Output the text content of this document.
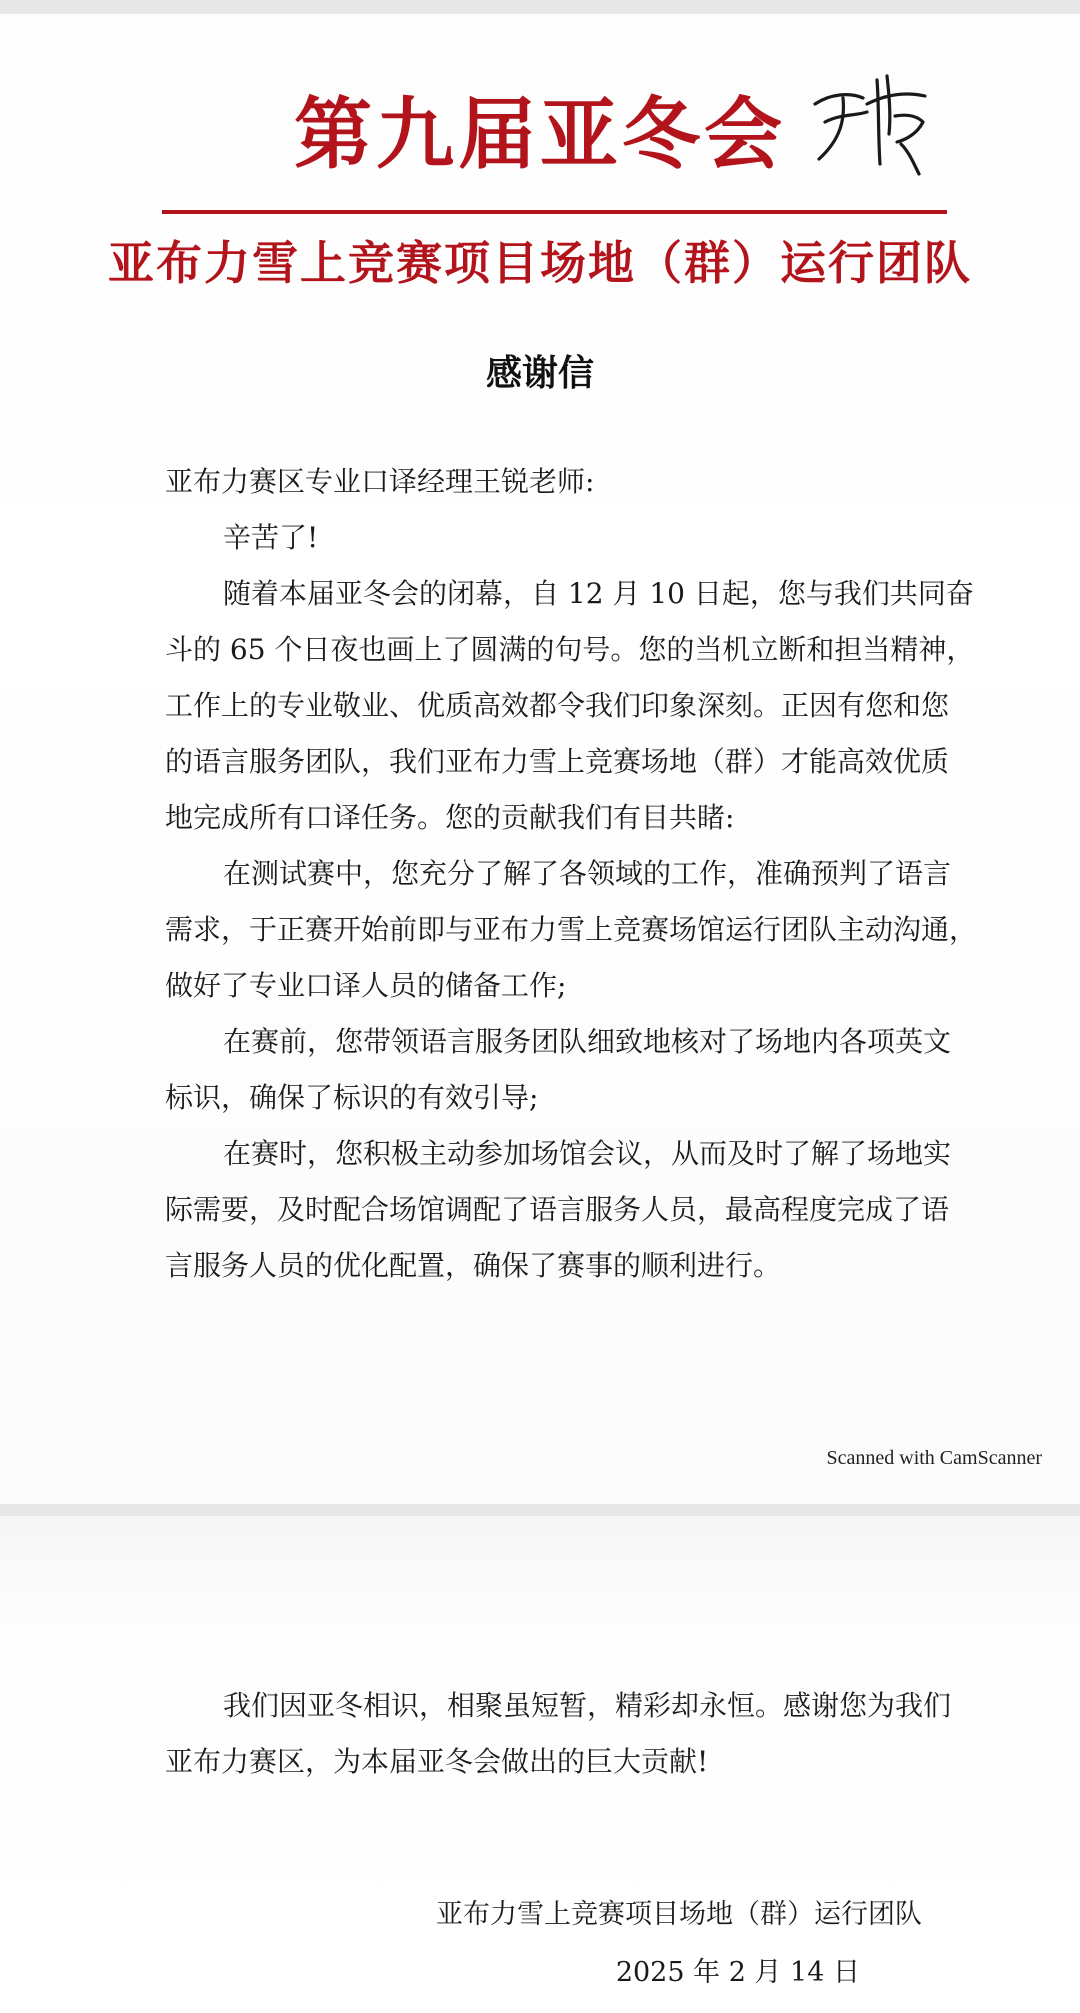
第九届亚冬会
亚布力雪上竞赛项目场地（群）运行团队
感谢信
亚布力赛区专业口译经理王锐老师:
辛苦了!
随着本届亚冬会的闭幕，自 12 月 10 日起，您与我们共同奋
斗的 65 个日夜也画上了圆满的句号。您的当机立断和担当精神，
工作上的专业敬业、优质高效都令我们印象深刻。正因有您和您
的语言服务团队，我们亚布力雪上竞赛场地（群）才能高效优质
地完成所有口译任务。您的贡献我们有目共睹:
在测试赛中，您充分了解了各领域的工作，准确预判了语言
需求，于正赛开始前即与亚布力雪上竞赛场馆运行团队主动沟通，
做好了专业口译人员的储备工作;
在赛前，您带领语言服务团队细致地核对了场地内各项英文
标识，确保了标识的有效引导;
在赛时，您积极主动参加场馆会议，从而及时了解了场地实
际需要，及时配合场馆调配了语言服务人员，最高程度完成了语
言服务人员的优化配置，确保了赛事的顺利进行。
Scanned with CamScanner
我们因亚冬相识，相聚虽短暂，精彩却永恒。感谢您为我们
亚布力赛区，为本届亚冬会做出的巨大贡献!
亚布力雪上竞赛项目场地（群）运行团队
2025 年 2 月 14 日
